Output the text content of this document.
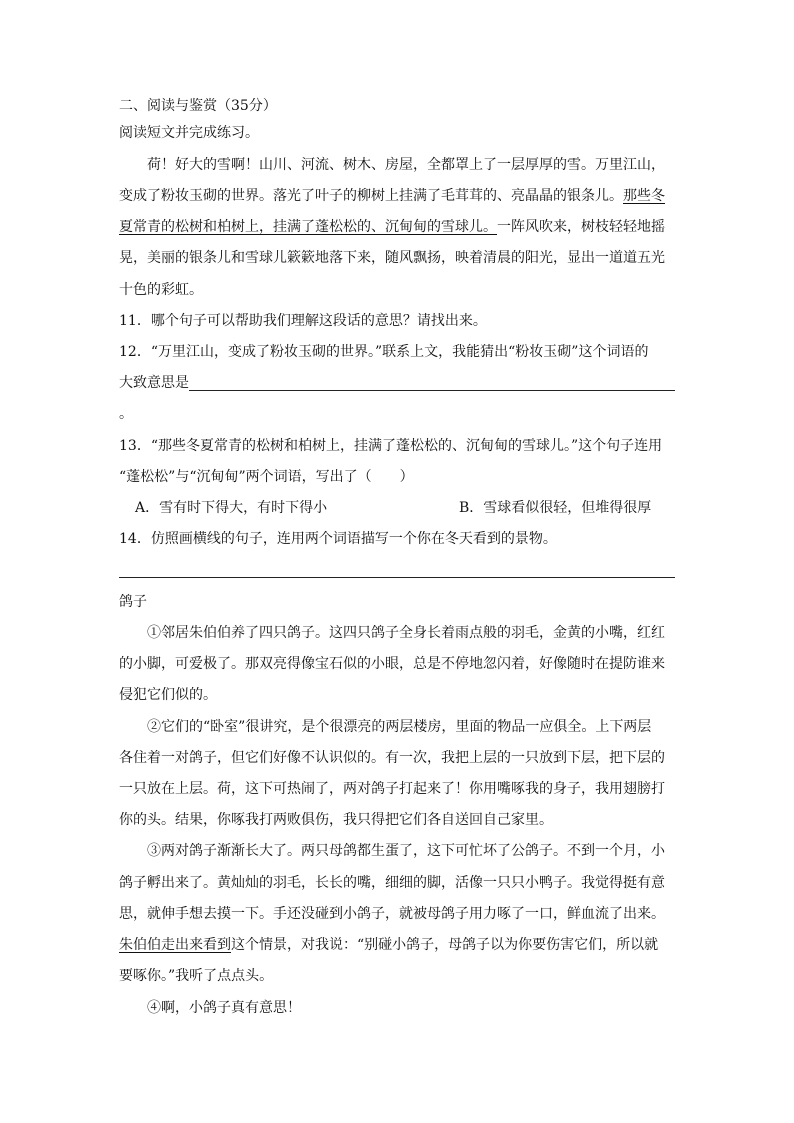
二、阅读与鉴赏（35分）
阅读短文并完成练习。
荷！好大的雪啊！山川、河流、树木、房屋，全都罩上了一层厚厚的雪。万里江山，
变成了粉妆玉砌的世界。落光了叶子的柳树上挂满了毛茸茸的、亮晶晶的银条儿。那些冬
夏常青的松树和柏树上，挂满了蓬松松的、沉甸甸的雪球儿。一阵风吹来，树枝轻轻地摇
晃，美丽的银条儿和雪球儿簌簌地落下来，随风飘扬，映着清晨的阳光，显出一道道五光
十色的彩虹。
11．哪个句子可以帮助我们理解这段话的意思？请找出来。
12．“万里江山，变成了粉妆玉砌的世界。”联系上文，我能猜出“粉妆玉砌”这个词语的
大致意思是
。
13．“那些冬夏常青的松树和柏树上，挂满了蓬松松的、沉甸甸的雪球儿。”这个句子连用
“蓬松松”与“沉甸甸”两个词语，写出了（　　）
A．雪有时下得大，有时下得小	B．雪球看似很轻，但堆得很厚
14．仿照画横线的句子，连用两个词语描写一个你在冬天看到的景物。
鸽子
①邻居朱伯伯养了四只鸽子。这四只鸽子全身长着雨点般的羽毛，金黄的小嘴，红红
的小脚，可爱极了。那双亮得像宝石似的小眼，总是不停地忽闪着，好像随时在提防谁来
侵犯它们似的。
②它们的“卧室”很讲究，是个很漂亮的两层楼房，里面的物品一应俱全。上下两层
各住着一对鸽子，但它们好像不认识似的。有一次，我把上层的一只放到下层，把下层的
一只放在上层。荷，这下可热闹了，两对鸽子打起来了！你用嘴啄我的身子，我用翅膀打
你的头。结果，你啄我打两败俱伤，我只得把它们各自送回自己家里。
③两对鸽子渐渐长大了。两只母鸽都生蛋了，这下可忙坏了公鸽子。不到一个月，小
鸽子孵出来了。黄灿灿的羽毛，长长的嘴，细细的脚，活像一只只小鸭子。我觉得挺有意
思，就伸手想去摸一下。手还没碰到小鸽子，就被母鸽子用力啄了一口，鲜血流了出来。
朱伯伯走出来看到这个情景，对我说：“别碰小鸽子，母鸽子以为你要伤害它们，所以就
要啄你。”我听了点点头。
④啊，小鸽子真有意思！
